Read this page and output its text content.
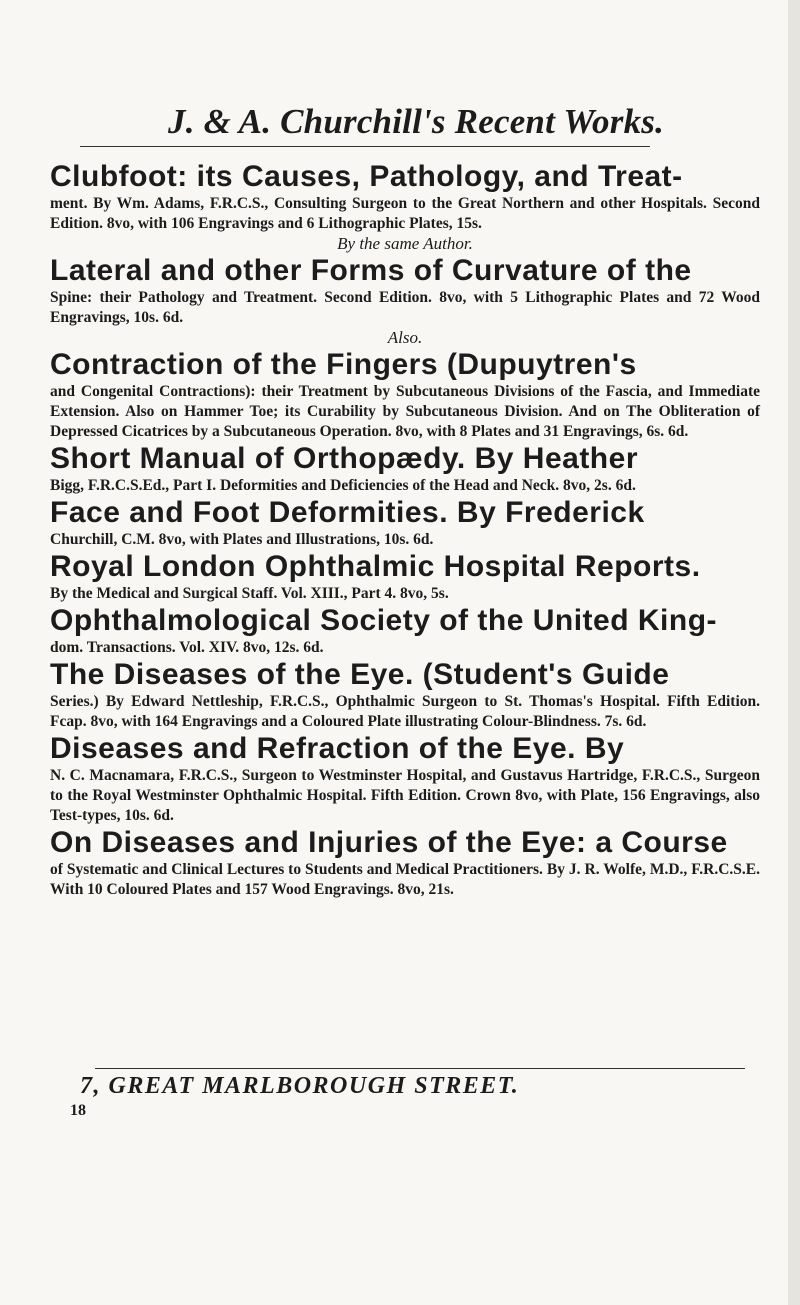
J. & A. Churchill's Recent Works.
Clubfoot: its Causes, Pathology, and Treat-
ment. By Wm. Adams, F.R.C.S., Consulting Surgeon to the Great Northern and other Hospitals. Second Edition. 8vo, with 106 Engravings and 6 Lithographic Plates, 15s.
By the same Author.
Lateral and other Forms of Curvature of the
Spine: their Pathology and Treatment. Second Edition. 8vo, with 5 Lithographic Plates and 72 Wood Engravings, 10s. 6d.
Also.
Contraction of the Fingers (Dupuytren's
and Congenital Contractions): their Treatment by Subcutaneous Divisions of the Fascia, and Immediate Extension. Also on Hammer Toe; its Curability by Subcutaneous Division. And on The Obliteration of Depressed Cicatrices by a Subcutaneous Operation. 8vo, with 8 Plates and 31 Engravings, 6s. 6d.
Short Manual of Orthopædy. By Heather
Bigg, F.R.C.S.Ed., Part I. Deformities and Deficiencies of the Head and Neck. 8vo, 2s. 6d.
Face and Foot Deformities. By Frederick
Churchill, C.M. 8vo, with Plates and Illustrations, 10s. 6d.
Royal London Ophthalmic Hospital Reports.
By the Medical and Surgical Staff. Vol. XIII., Part 4. 8vo, 5s.
Ophthalmological Society of the United King-
dom. Transactions. Vol. XIV. 8vo, 12s. 6d.
The Diseases of the Eye. (Student's Guide
Series.) By Edward Nettleship, F.R.C.S., Ophthalmic Surgeon to St. Thomas's Hospital. Fifth Edition. Fcap. 8vo, with 164 Engravings and a Coloured Plate illustrating Colour-Blindness. 7s. 6d.
Diseases and Refraction of the Eye. By
N. C. Macnamara, F.R.C.S., Surgeon to Westminster Hospital, and Gustavus Hartridge, F.R.C.S., Surgeon to the Royal Westminster Ophthalmic Hospital. Fifth Edition. Crown 8vo, with Plate, 156 Engravings, also Test-types, 10s. 6d.
On Diseases and Injuries of the Eye: a Course
of Systematic and Clinical Lectures to Students and Medical Practitioners. By J. R. Wolfe, M.D., F.R.C.S.E. With 10 Coloured Plates and 157 Wood Engravings. 8vo, 21s.
7, GREAT MARLBOROUGH STREET.
18
